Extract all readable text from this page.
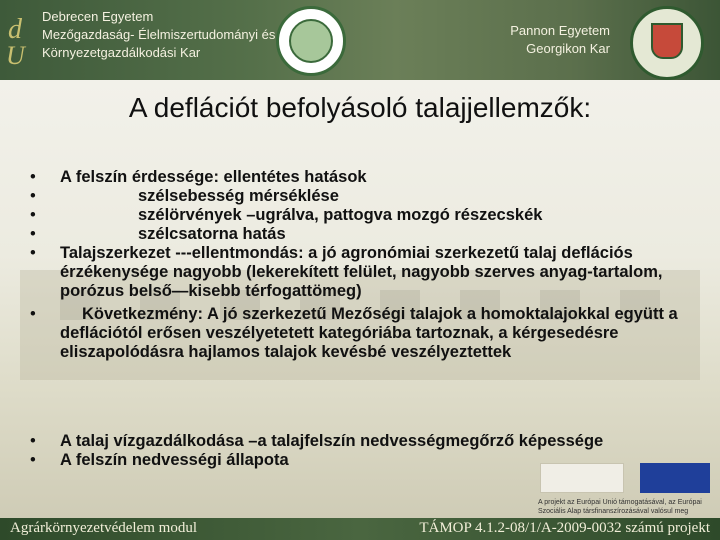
d
U
Debrecen Egyetem
Mezőgazdaság- Élelmiszertudományi és
Környezetgazdálkodási Kar
Pannon Egyetem
Georgikon Kar
A deflációt befolyásoló talajjellemzők:
• A felszín érdessége: ellentétes hatások
•	szélsebesség mérséklése
•	szélörvények –ugrálva, pattogva mozgó részecskék
•	szélcsatorna hatás
• Talajszerkezet ---ellentmondás: a jó agronómiai szerkezetű talaj deflációs érzékenysége nagyobb (lekerekített felület, nagyobb szerves anyag-tartalom, porózus belső—kisebb térfogattömeg)
•	Következmény: A jó szerkezetű Mezőségi talajok a homoktalajokkal együtt a deflációtól erősen veszélyetetett kategóriába tartoznak, a kérgesedésre eliszapolódásra hajlamos talajok kevésbé veszélyeztettek
• A talaj vízgazdálkodása –a talajfelszín nedvességmegőrző képessége
• A felszín nedvességi állapota
A projekt az Európai Unió támogatásával, az Európai Szociális Alap társfinanszírozásával valósul meg
Agrárkörnyezetvédelem modul	TÁMOP 4.1.2-08/1/A-2009-0032 számú projekt
